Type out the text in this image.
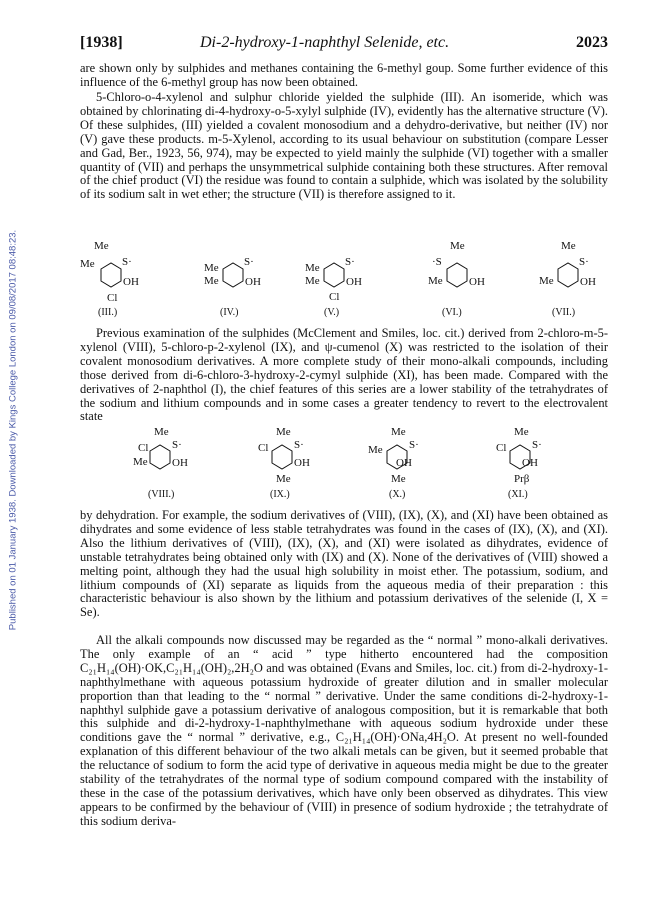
Published on 01 January 1938. Downloaded by Kings College London on 09/08/2017 08:48:23.
[1938]	Di-2-hydroxy-1-naphthyl Selenide, etc.	2023

are shown only by sulphides and methanes containing the 6-methyl goup. Some further evidence of this influence of the 6-methyl group has now been obtained.

5-Chloro-o-4-xylenol and sulphur chloride yielded the sulphide (III). An isomeride, which was obtained by chlorinating di-4-hydroxy-o-5-xylyl sulphide (IV), evidently has the alternative structure (V). Of these sulphides, (III) yielded a covalent monosodium and a dehydro-derivative, but neither (IV) nor (V) gave these products. m-5-Xylenol, according to its usual behaviour on substitution (compare Lesser and Gad, Ber., 1923, 56, 974), may be expected to yield mainly the sulphide (VI) together with a smaller quantity of (VII) and perhaps the unsymmetrical sulphide containing both these structures. After removal of the chief product (VI) the residue was found to contain a sulphide, which was isolated by the solubility of its sodium salt in wet ether; the structure (VII) is therefore assigned to it.

Me
Me S·
OH
Cl
(III.)
Me
Me
S·
OH
(IV.)
Me
Me
S·
OH
Cl
(V.)
Me
·S
Me OH
(VI.)
Me
S·
Me OH
(VII.)

Previous examination of the sulphides (McClement and Smiles, loc. cit.) derived from 2-chloro-m-5-xylenol (VIII), 5-chloro-p-2-xylenol (IX), and ψ-cumenol (X) was restricted to the isolation of their covalent monosodium derivatives. A more complete study of their mono-alkali compounds, including those derived from di-6-chloro-3-hydroxy-2-cymyl sulphide (XI), has been made. Compared with the derivatives of 2-naphthol (I), the chief features of this series are a lower stability of the tetrahydrates of the sodium and lithium compounds and in some cases a greater tendency to revert to the electrovalent state

Me
Cl S·
Me OH
(VIII.)
Me
Cl S·
OH
Me
(IX.)
Me
Me S·
OH
Me
(X.)
Me
Cl S·
OH
Prβ
(XI.)

by dehydration. For example, the sodium derivatives of (VIII), (IX), (X), and (XI) have been obtained as dihydrates and some evidence of less stable tetrahydrates was found in the cases of (IX), (X), and (XI). Also the lithium derivatives of (VIII), (IX), (X), and (XI) were isolated as dihydrates, evidence of unstable tetrahydrates being obtained only with (IX) and (X). None of the derivatives of (VIII) showed a melting point, although they had the usual high solubility in moist ether. The potassium, sodium, and lithium compounds of (XI) separate as liquids from the aqueous media of their preparation : this characteristic behaviour is also shown by the lithium and potassium derivatives of the selenide (I, X = Se).

All the alkali compounds now discussed may be regarded as the “ normal ” mono-alkali derivatives. The only example of an “ acid ” type hitherto encountered had the composition C₂₁H₁₄(OH)·OK,C₂₁H₁₄(OH)₂,2H₂O and was obtained (Evans and Smiles, loc. cit.) from di-2-hydroxy-1-naphthylmethane with aqueous potassium hydroxide of greater dilution and in smaller molecular proportion than that leading to the “ normal ” derivative. Under the same conditions di-2-hydroxy-1-naphthyl sulphide gave a potassium derivative of analogous composition, but it is remarkable that both this sulphide and di-2-hydroxy-1-naphthylmethane with aqueous sodium hydroxide under these conditions gave the “ normal ” derivative, e.g., C₂₁H₁₄(OH)·ONa,4H₂O. At present no well-founded explanation of this different behaviour of the two alkali metals can be given, but it seemed probable that the reluctance of sodium to form the acid type of derivative in aqueous media might be due to the greater stability of the tetrahydrates of the normal type of sodium compound compared with the instability of these in the case of the potassium derivatives, which have only been observed as dihydrates. This view appears to be confirmed by the behaviour of (VIII) in presence of sodium hydroxide ; the tetrahydrate of this sodium deriva-
